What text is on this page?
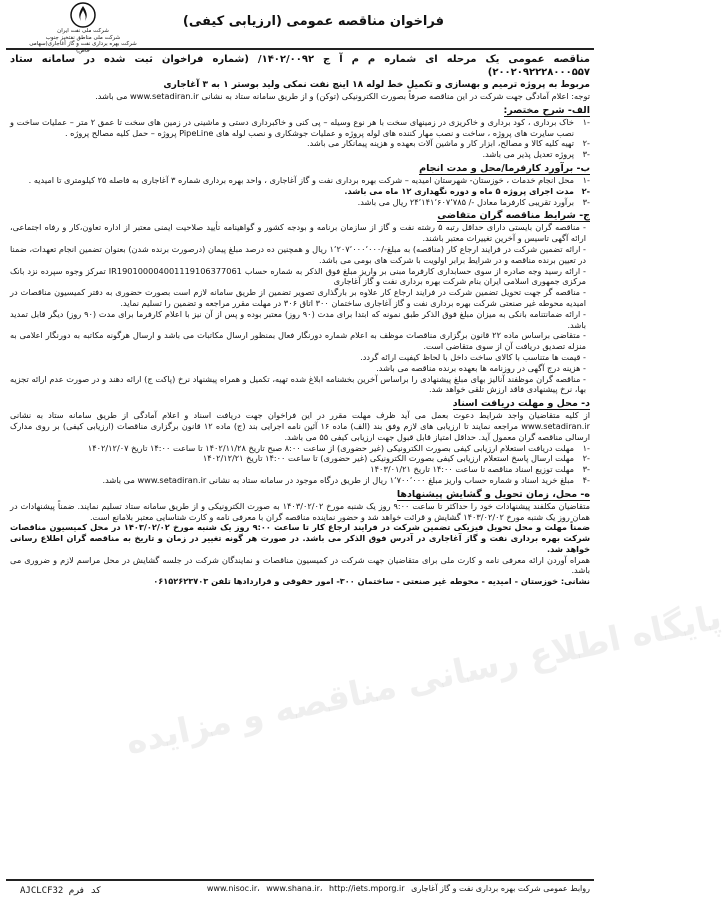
فراخوان مناقصه عمومی (ارزیابی کیفی)
شرکت ملی نفت ایران
شرکت ملی مناطق نفتخیز جنوب
شرکت بهره برداری نفت و گاز آغاجاری(سهامی خاص)

مناقصه عمومی یک مرحله ای شماره م م آ ج ۱۴۰۲/۰۰۹۲/ (شماره فراخوان ثبت شده در سامانه ستاد ۲۰۰۲۰۹۲۲۲۸۰۰۰۵۵۷)

مربوط به پروژه ترمیم و بهسازی و تکمیل خط لوله ۱۸ اینچ نفت نمکی ولید بوستر ۱ به ۳ آغاجاری

توجه: اعلام آمادگی جهت شرکت در این مناقصه صرفاً بصورت الکترونیکی (توکن) و از طریق سامانه ستاد به نشانی www.setadiran.ir می باشد.

الف- شرح مختصر:
-۱
خاک برداری ، کود برداری و خاکریزی در زمینهای سخت با هر نوع وسیله – پی کنی و خاکبرداری دستی و ماشینی در زمین های سخت تا عمق ۲ متر – عملیات ساخت و نصب سایرت های پروژه ، ساخت و نصب مهار کننده های لوله پروژه و عملیات جوشکاری و نصب لوله های PipeLine پروژه – حمل کلیه مصالح پروژه .
-۲
تهیه کلیه کالا و مصالح، ابزار کار و ماشین آلات بعهده و هزینه پیمانکار می باشد.
-۳
پروژه تعدیل پذیر می باشد.
ب- برآورد کارفرما/محل و مدت انجام
-۱
محل انجام خدمات ، خوزستان- شهرستان امیدیه – شرکت بهره برداری نفت و گاز آغاجاری ، واحد بهره برداری شماره ۳ آغاجاری به فاصله ۲۵ کیلومتری تا امیدیه .
-۲
مدت اجرای پروژه ۵ ماه و دوره نگهداری ۱۲ ماه می باشد.
-۳
برآورد تقریبی کارفرما معادل -/ ۲۴٬۱۴۱٬۶۰۷٬۷۸۵ ریال می باشد.
ج- شرایط مناقصه گران متقاضی

- مناقصه گران بایستی دارای حداقل رتبه ۵ رشته نفت و گاز از سازمان برنامه و بودجه کشور و گواهینامه تأیید صلاحیت ایمنی معتبر از اداره تعاون،کار و رفاه اجتماعی، ارائه آگهی تاسیس و آخرین تغییرات معتبر باشند.

- ارائه تضمین شرکت در فرایند ارجاع کار (مناقصه) به مبلغ-/۱٬۲۰۷٬۰۰۰٬۰۰۰ ریال و همچنین ده درصد مبلغ پیمان (درصورت برنده شدن) بعنوان تضمین انجام تعهدات، ضمنا در تعیین برنده مناقصه و در شرایط برابر اولویت با شرکت های بومی می باشد.

- ارائه رسید وجه صادره از سوی حسابداری کارفرما مبنی بر واریز مبلغ فوق الذکر به شماره حساب IR190100004001119106377061 تمرکز وجوه سپرده نزد بانک مرکزی جمهوری اسلامی ایران بنام شرکت بهره برداری نفت و گاز آغاجاری

- مناقصه گر جهت تحویل تضمین شرکت در فرایند ارجاع کار علاوه بر بارگذاری تصویر تضمین از طریق سامانه لازم است بصورت حضوری به دفتر کمیسیون مناقصات در امیدیه محوطه غیر صنعتی شرکت بهره برداری نفت و گاز آغاجاری ساختمان ۳۰۰ اتاق ۳۰۶ در مهلت مقرر مراجعه و تضمین را تسلیم نماید.

- ارائه ضمانتنامه بانکی به میزان مبلغ فوق الذکر طبق نمونه که ابتدا برای مدت (۹۰ روز) معتبر بوده و پس از آن نیز با اعلام کارفرما برای مدت (۹۰ روز) دیگر قابل تمدید باشد.

- متقاضی براساس ماده ۲۲ قانون برگزاری مناقصات موظف به اعلام شماره دورنگار فعال بمنظور ارسال مکاتبات می باشد و ارسال هرگونه مکاتبه به دورنگار اعلامی به منزله تصدیق دریافت آن از سوی متقاضی است.

- قیمت ها متناسب با کالای ساخت داخل با لحاظ کیفیت ارائه گردد.

- هزینه درج آگهی در روزنامه ها بعهده برنده مناقصه می باشد.

- مناقصه گران موظفند آنالیز بهای مبلغ پیشنهادی را براساس آخرین بخشنامه ابلاغ شده تهیه، تکمیل و همراه پیشنهاد نرخ (پاکت ج) ارائه دهند و در صورت عدم ارائه تجزیه بها، نرخ پیشنهادی فاقد ارزش تلقی خواهد شد.

د- محل و مهلت دریافت اسناد

از کلیه متقاضیان واجد شرایط دعوت بعمل می آید ظرف مهلت مقرر در این فراخوان جهت دریافت اسناد و اعلام آمادگی از طریق سامانه ستاد به نشانی www.setadiran.ir مراجعه نمایند تا ارزیابی های لازم وفق بند (الف) ماده ۱۶ آئین نامه اجرایی بند (ج) ماده ۱۲ قانون برگزاری مناقصات (ارزیابی کیفی) بر روی مدارک ارسالی مناقصه گران معمول آید. حداقل امتیاز قابل قبول جهت ارزیابی کیفی ۵۵ می باشد.

-۱
مهلت دریافت استعلام ارزیابی کیفی بصورت الکترونیکی (غیر حضوری) از ساعت ۸:۰۰ صبح تاریخ ۱۴۰۲/۱۱/۲۸ تا ساعت ۱۴:۰۰ تاریخ ۱۴۰۲/۱۲/۰۷
-۲
مهلت ارسال پاسخ استعلام ارزیابی کیفی بصورت الکترونیکی (غیر حضوری) تا ساعت ۱۴:۰۰ تاریخ ۱۴۰۲/۱۲/۲۱
-۳
مهلت توزیع اسناد مناقصه تا ساعت ۱۴:۰۰ تاریخ ۱۴۰۳/۰۱/۲۱
-۴
مبلغ خرید اسناد و شماره حساب واریز مبلغ ۱٬۷۰۰٬۰۰۰ ریال از طریق درگاه موجود در سامانه ستاد به نشانی www.setadiran.ir می باشد.
ه- محل، زمان تحویل و گشایش پیشنهادها

متقاضیان مکلفند پیشنهادات خود را حداکثر تا ساعت ۹:۰۰ روز یک شنبه مورخ ۱۴۰۳/۰۲/۰۲ به صورت الکترونیکی و از طریق سامانه ستاد تسلیم نمایند. ضمناً پیشنهادات در همان روز یک شنبه مورخ ۱۴۰۳/۰۲/۰۲ گشایش و قرائت خواهد شد و حضور نماینده مناقصه گران با معرفی نامه و کارت شناسایی معتبر بلامانع است.

ضمناً مهلت و محل تحویل فیزیکی تضمین شرکت در فرایند ارجاع کار تا ساعت ۹:۰۰ روز یک شنبه مورخ ۱۴۰۳/۰۲/۰۲ در محل کمیسیون مناقصات شرکت بهره برداری نفت و گاز آغاجاری در آدرس فوق الذکر می باشد. در صورت هر گونه تغییر در زمان و تاریخ به مناقصه گران اطلاع رسانی خواهد شد.

همراه آوردن ارائه معرفی نامه و کارت ملی برای متقاضیان جهت شرکت در کمیسیون مناقصات و نمایندگان شرکت در جلسه گشایش در محل مراسم لازم و ضروری می باشد.

نشانی: خوزستان - امیدیه - محوطه غیر صنعتی - ساختمان ۳۰۰- امور حقوقی و قراردادها تلفن ۰۶۱۵۲۶۲۳۷۰۳

پایگاه اطلاع رسانی مناقصه و مزایده
روابط عمومی شرکت بهره برداری نفت و گاز آغاجاری www.nisoc.ir، www.shana.ir، http://iets.mporg.ir
AJCLCF32 کد فرم
